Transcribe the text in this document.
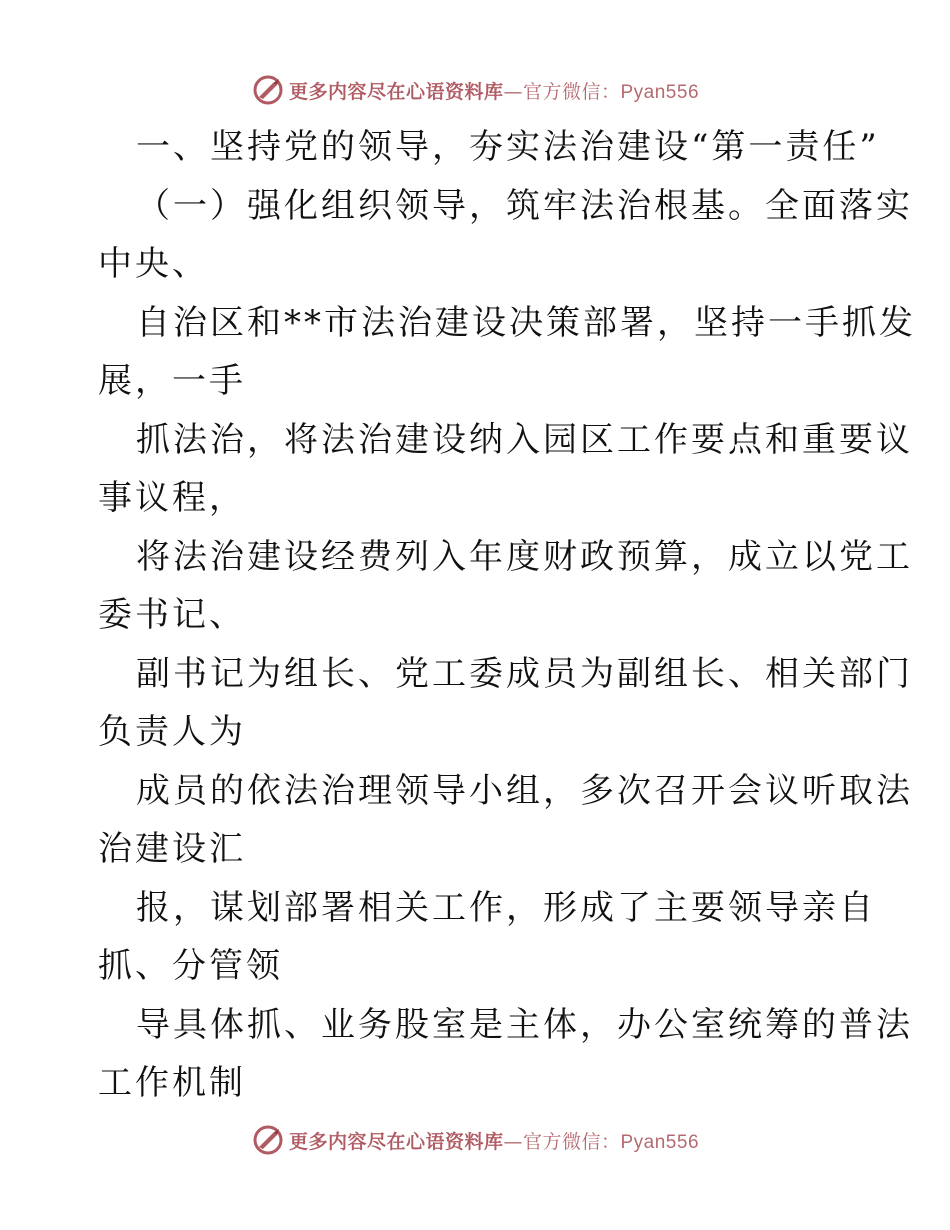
更多内容尽在心语资料库—官方微信：Pyan556
一、坚持党的领导，夯实法治建设“第一责任”
（一）强化组织领导，筑牢法治根基。全面落实
中央、
自治区和**市法治建设决策部署，坚持一手抓发
展，一手
抓法治，将法治建设纳入园区工作要点和重要议
事议程，
将法治建设经费列入年度财政预算，成立以党工
委书记、
副书记为组长、党工委成员为副组长、相关部门
负责人为
成员的依法治理领导小组，多次召开会议听取法
治建设汇
报，谋划部署相关工作，形成了主要领导亲自
抓、分管领
导具体抓、业务股室是主体，办公室统筹的普法
工作机制
更多内容尽在心语资料库—官方微信：Pyan556
